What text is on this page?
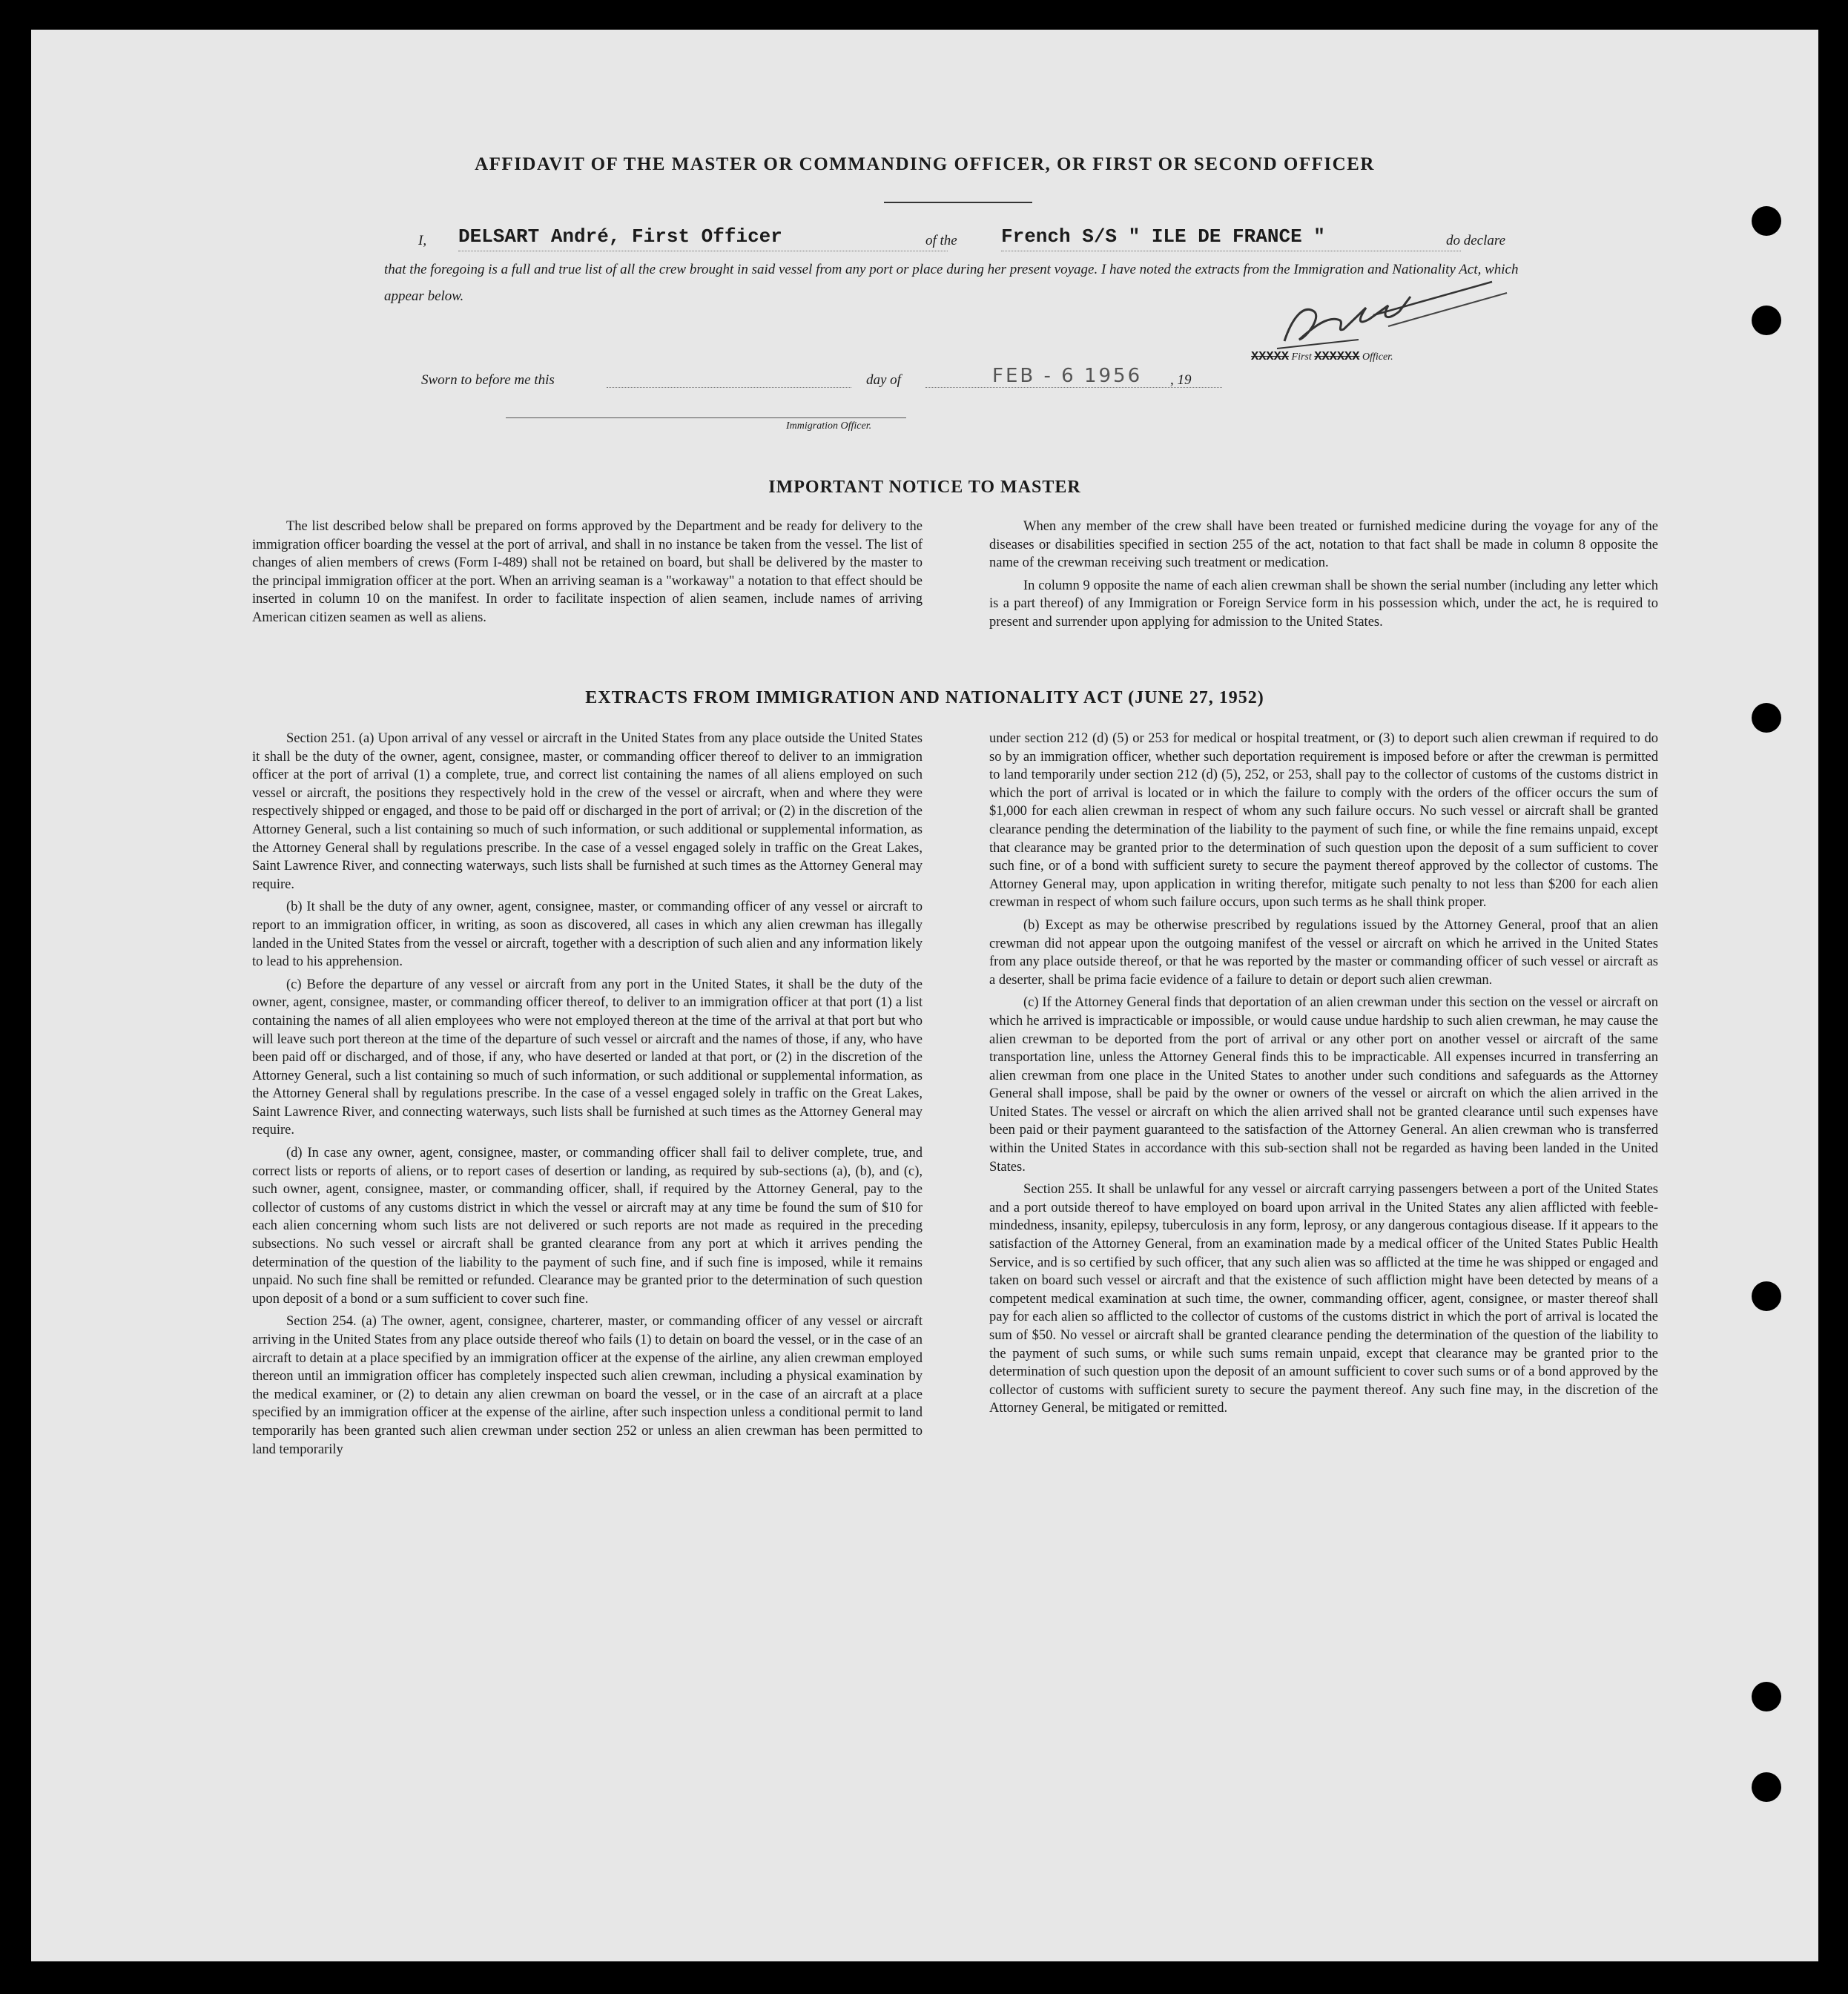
AFFIDAVIT OF THE MASTER OR COMMANDING OFFICER, OR FIRST OR SECOND OFFICER
I, DELSART André, First Officer	of the French S/S " ILE DE FRANCE "	do declare
that the foregoing is a full and true list of all the crew brought in said vessel from any port or place during her present voyage. I have noted the extracts from the Immigration and Nationality Act, which appear below.
XXXXX First XXXXXX Officer.
Sworn to before me this	day of	FEB - 6 1956 , 19
Immigration Officer.
IMPORTANT NOTICE TO MASTER

The list described below shall be prepared on forms approved by the Department and be ready for delivery to the immigration officer boarding the vessel at the port of arrival, and shall in no instance be taken from the vessel. The list of changes of alien members of crews (Form I-489) shall not be retained on board, but shall be delivered by the master to the principal immigration officer at the port. When an arriving seaman is a "workaway" a notation to that effect should be inserted in column 10 on the manifest. In order to facilitate inspection of alien seamen, include names of arriving American citizen seamen as well as aliens.

When any member of the crew shall have been treated or furnished medicine during the voyage for any of the diseases or disabilities specified in section 255 of the act, notation to that fact shall be made in column 8 opposite the name of the crewman receiving such treatment or medication.

In column 9 opposite the name of each alien crewman shall be shown the serial number (including any letter which is a part thereof) of any Immigration or Foreign Service form in his possession which, under the act, he is required to present and surrender upon applying for admission to the United States.

EXTRACTS FROM IMMIGRATION AND NATIONALITY ACT (JUNE 27, 1952)

Section 251. (a) Upon arrival of any vessel or aircraft in the United States from any place outside the United States it shall be the duty of the owner, agent, consignee, master, or commanding officer thereof to deliver to an immigration officer at the port of arrival (1) a complete, true, and correct list containing the names of all aliens employed on such vessel or aircraft, the positions they respectively hold in the crew of the vessel or aircraft, when and where they were respectively shipped or engaged, and those to be paid off or discharged in the port of arrival; or (2) in the discretion of the Attorney General, such a list containing so much of such information, or such additional or supplemental information, as the Attorney General shall by regulations prescribe. In the case of a vessel engaged solely in traffic on the Great Lakes, Saint Lawrence River, and connecting waterways, such lists shall be furnished at such times as the Attorney General may require.

(b) It shall be the duty of any owner, agent, consignee, master, or commanding officer of any vessel or aircraft to report to an immigration officer, in writing, as soon as discovered, all cases in which any alien crewman has illegally landed in the United States from the vessel or aircraft, together with a description of such alien and any information likely to lead to his apprehension.

(c) Before the departure of any vessel or aircraft from any port in the United States, it shall be the duty of the owner, agent, consignee, master, or commanding officer thereof, to deliver to an immigration officer at that port (1) a list containing the names of all alien employees who were not employed thereon at the time of the arrival at that port but who will leave such port thereon at the time of the departure of such vessel or aircraft and the names of those, if any, who have been paid off or discharged, and of those, if any, who have deserted or landed at that port, or (2) in the discretion of the Attorney General, such a list containing so much of such information, or such additional or supplemental information, as the Attorney General shall by regulations prescribe. In the case of a vessel engaged solely in traffic on the Great Lakes, Saint Lawrence River, and connecting waterways, such lists shall be furnished at such times as the Attorney General may require.

(d) In case any owner, agent, consignee, master, or commanding officer shall fail to deliver complete, true, and correct lists or reports of aliens, or to report cases of desertion or landing, as required by sub-sections (a), (b), and (c), such owner, agent, consignee, master, or commanding officer, shall, if required by the Attorney General, pay to the collector of customs of any customs district in which the vessel or aircraft may at any time be found the sum of $10 for each alien concerning whom such lists are not delivered or such reports are not made as required in the preceding subsections. No such vessel or aircraft shall be granted clearance from any port at which it arrives pending the determination of the question of the liability to the payment of such fine, and if such fine is imposed, while it remains unpaid. No such fine shall be remitted or refunded. Clearance may be granted prior to the determination of such question upon deposit of a bond or a sum sufficient to cover such fine.

Section 254. (a) The owner, agent, consignee, charterer, master, or commanding officer of any vessel or aircraft arriving in the United States from any place outside thereof who fails (1) to detain on board the vessel, or in the case of an aircraft to detain at a place specified by an immigration officer at the expense of the airline, any alien crewman employed thereon until an immigration officer has completely inspected such alien crewman, including a physical examination by the medical examiner, or (2) to detain any alien crewman on board the vessel, or in the case of an aircraft at a place specified by an immigration officer at the expense of the airline, after such inspection unless a conditional permit to land temporarily has been granted such alien crewman under section 252 or unless an alien crewman has been permitted to land temporarily

under section 212 (d) (5) or 253 for medical or hospital treatment, or (3) to deport such alien crewman if required to do so by an immigration officer, whether such deportation requirement is imposed before or after the crewman is permitted to land temporarily under section 212 (d) (5), 252, or 253, shall pay to the collector of customs of the customs district in which the port of arrival is located or in which the failure to comply with the orders of the officer occurs the sum of $1,000 for each alien crewman in respect of whom any such failure occurs. No such vessel or aircraft shall be granted clearance pending the determination of the liability to the payment of such fine, or while the fine remains unpaid, except that clearance may be granted prior to the determination of such question upon the deposit of a sum sufficient to cover such fine, or of a bond with sufficient surety to secure the payment thereof approved by the collector of customs. The Attorney General may, upon application in writing therefor, mitigate such penalty to not less than $200 for each alien crewman in respect of whom such failure occurs, upon such terms as he shall think proper.

(b) Except as may be otherwise prescribed by regulations issued by the Attorney General, proof that an alien crewman did not appear upon the outgoing manifest of the vessel or aircraft on which he arrived in the United States from any place outside thereof, or that he was reported by the master or commanding officer of such vessel or aircraft as a deserter, shall be prima facie evidence of a failure to detain or deport such alien crewman.

(c) If the Attorney General finds that deportation of an alien crewman under this section on the vessel or aircraft on which he arrived is impracticable or impossible, or would cause undue hardship to such alien crewman, he may cause the alien crewman to be deported from the port of arrival or any other port on another vessel or aircraft of the same transportation line, unless the Attorney General finds this to be impracticable. All expenses incurred in transferring an alien crewman from one place in the United States to another under such conditions and safeguards as the Attorney General shall impose, shall be paid by the owner or owners of the vessel or aircraft on which the alien arrived in the United States. The vessel or aircraft on which the alien arrived shall not be granted clearance until such expenses have been paid or their payment guaranteed to the satisfaction of the Attorney General. An alien crewman who is transferred within the United States in accordance with this sub-section shall not be regarded as having been landed in the United States.

Section 255. It shall be unlawful for any vessel or aircraft carrying passengers between a port of the United States and a port outside thereof to have employed on board upon arrival in the United States any alien afflicted with feeble-mindedness, insanity, epilepsy, tuberculosis in any form, leprosy, or any dangerous contagious disease. If it appears to the satisfaction of the Attorney General, from an examination made by a medical officer of the United States Public Health Service, and is so certified by such officer, that any such alien was so afflicted at the time he was shipped or engaged and taken on board such vessel or aircraft and that the existence of such affliction might have been detected by means of a competent medical examination at such time, the owner, commanding officer, agent, consignee, or master thereof shall pay for each alien so afflicted to the collector of customs of the customs district in which the port of arrival is located the sum of $50. No vessel or aircraft shall be granted clearance pending the determination of the question of the liability to the payment of such sums, or while such sums remain unpaid, except that clearance may be granted prior to the determination of such question upon the deposit of an amount sufficient to cover such sums or of a bond approved by the collector of customs with sufficient surety to secure the payment thereof. Any such fine may, in the discretion of the Attorney General, be mitigated or remitted.
